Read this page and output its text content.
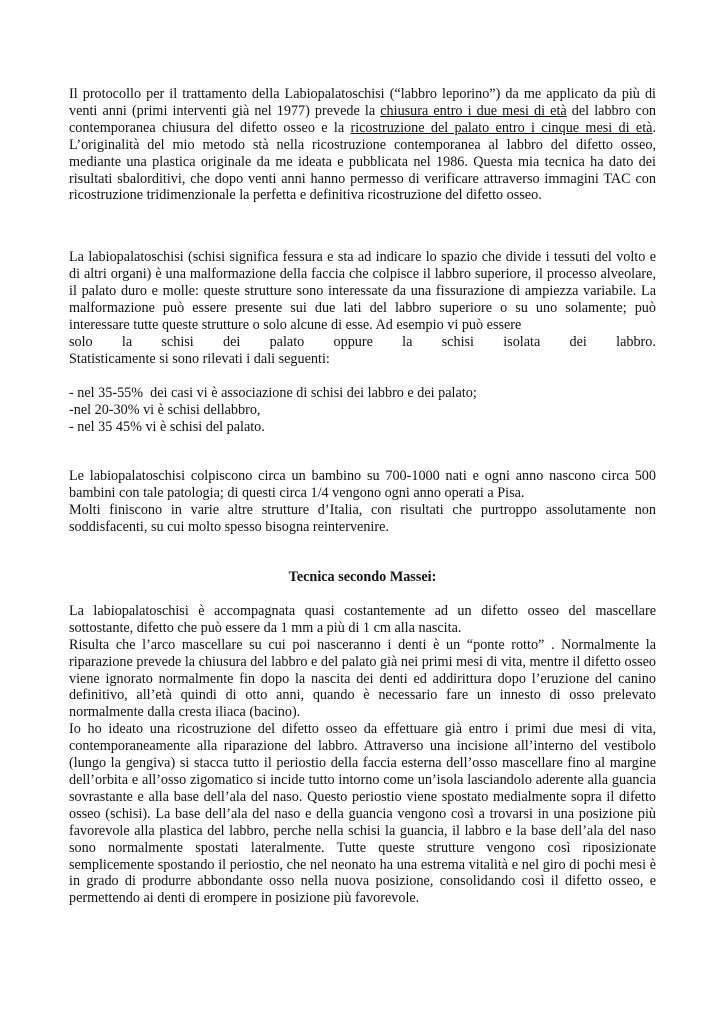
Il protocollo per il trattamento della Labiopalatoschisi (“labbro leporino”) da me applicato da più di venti anni (primi interventi già nel 1977) prevede la chiusura entro i due mesi di età del labbro con contemporanea chiusura del difetto osseo e la ricostruzione del palato entro i cinque mesi di età. L’originalità del mio metodo stà nella ricostruzione contemporanea al labbro del difetto osseo, mediante una plastica originale da me ideata e pubblicata nel 1986. Questa mia tecnica ha dato dei risultati sbalorditivi, che dopo venti anni hanno permesso di verificare attraverso immagini TAC con ricostruzione tridimenzionale la perfetta e definitiva ricostruzione del difetto osseo.

La labiopalatoschisi (schisi significa fessura e sta ad indicare lo spazio che divide i tessuti del volto e di altri organi) è una malformazione della faccia che colpisce il labbro superiore, il processo alveolare, il palato duro e molle: queste strutture sono interessate da una fissurazione di ampiezza variabile. La malformazione può essere presente sui due lati del labbro superiore o su uno solamente; può interessare tutte queste strutture o solo alcune di esse. Ad esempio vi può essere

solo la schisi dei palato oppure la schisi isolata dei labbro.

Statisticamente si sono rilevati i dali seguenti:

- nel 35-55%  dei casi vi è associazione di schisi dei labbro e dei palato;

-nel 20-30% vi è schisi dellabbro,

- nel 35 45% vi è schisi del palato.

Le labiopalatoschisi colpiscono circa un bambino su 700-1000 nati e ogni anno nascono circa 500 bambini con tale patologia; di questi circa 1/4 vengono ogni anno operati a Pisa.

Molti finiscono in varie altre strutture d’Italia, con risultati che purtroppo assolutamente non soddisfacenti, su cui molto spesso bisogna reintervenire.

Tecnica secondo Massei:

La labiopalatoschisi è accompagnata quasi costantemente ad un difetto osseo del mascellare sottostante, difetto che può essere da 1 mm a più di 1 cm alla nascita.

Risulta che l’arco mascellare su cui poi nasceranno i denti è un “ponte rotto” . Normalmente la riparazione prevede la chiusura del labbro e del palato già nei primi mesi di vita, mentre il difetto osseo viene ignorato normalmente fin dopo la nascita dei denti ed addirittura dopo l’eruzione del canino definitivo, all’età quindi di otto anni, quando è necessario fare un innesto di osso prelevato normalmente dalla cresta iliaca (bacino).

Io ho ideato una ricostruzione del difetto osseo da effettuare già entro i primi due mesi di vita, contemporaneamente alla riparazione del labbro. Attraverso una incisione all’interno del vestibolo (lungo la gengiva) si stacca tutto il periostio della faccia esterna dell’osso mascellare fino al margine dell’orbita e all’osso zigomatico si incide tutto intorno come un’isola lasciandolo aderente alla guancia sovrastante e alla base dell’ala del naso. Questo periostio viene spostato medialmente sopra il difetto osseo (schisi). La base dell’ala del naso e della guancia vengono così a trovarsi in una posizione più favorevole alla plastica del labbro, perche nella schisi la guancia, il labbro e la base dell’ala del naso sono normalmente spostati lateralmente. Tutte queste strutture vengono così riposizionate semplicemente spostando il periostio, che nel neonato ha una estrema vitalità e nel giro di pochi mesi è in grado di produrre abbondante osso nella nuova posizione, consolidando così il difetto osseo, e permettendo ai denti di erompere in posizione più favorevole.
